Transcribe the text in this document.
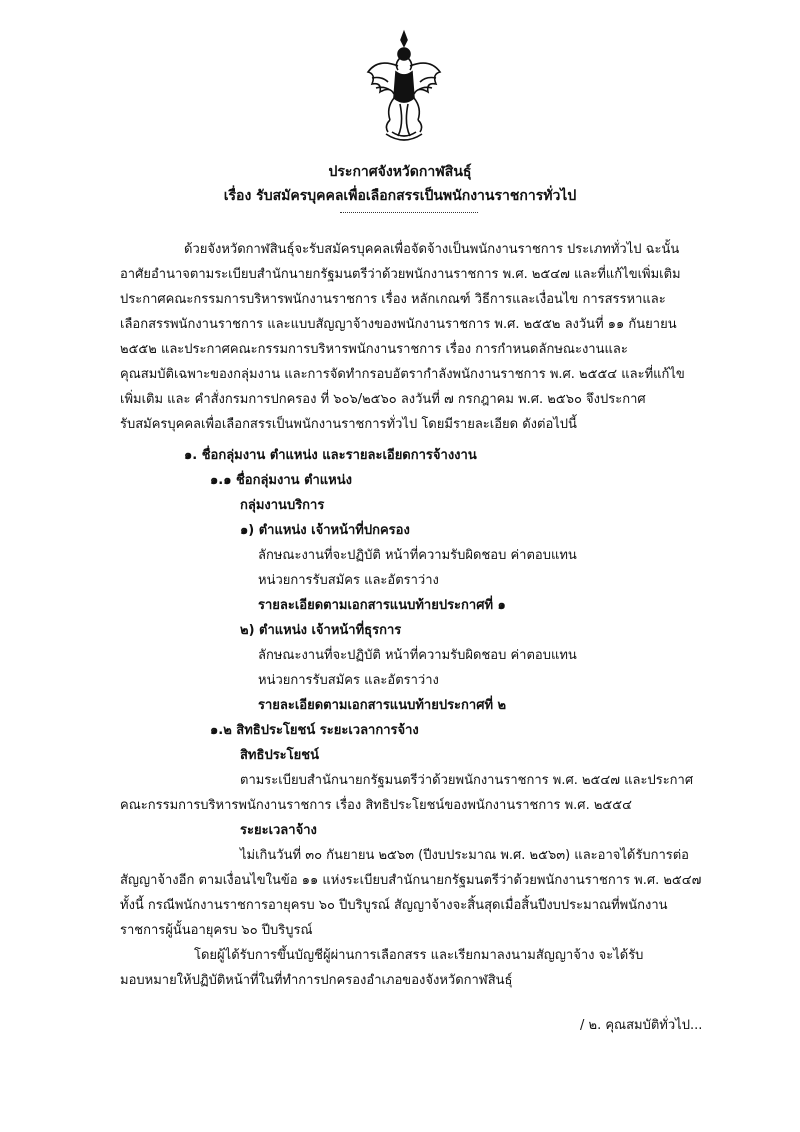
ประกาศจังหวัดกาฬสินธุ์
เรื่อง รับสมัครบุคคลเพื่อเลือกสรรเป็นพนักงานราชการทั่วไป
ด้วยจังหวัดกาฬสินธุ์จะรับสมัครบุคคลเพื่อจัดจ้างเป็นพนักงานราชการ ประเภททั่วไป ฉะนั้น
อาศัยอำนาจตามระเบียบสำนักนายกรัฐมนตรีว่าด้วยพนักงานราชการ พ.ศ. ๒๕๔๗ และที่แก้ไขเพิ่มเติม
ประกาศคณะกรรมการบริหารพนักงานราชการ เรื่อง หลักเกณฑ์ วิธีการและเงื่อนไข การสรรหาและ
เลือกสรรพนักงานราชการ และแบบสัญญาจ้างของพนักงานราชการ พ.ศ. ๒๕๕๒ ลงวันที่ ๑๑ กันยายน
๒๕๕๒ และประกาศคณะกรรมการบริหารพนักงานราชการ เรื่อง การกำหนดลักษณะงานและ
คุณสมบัติเฉพาะของกลุ่มงาน และการจัดทำกรอบอัตรากำลังพนักงานราชการ พ.ศ. ๒๕๕๔ และที่แก้ไข
เพิ่มเติม และ คำสั่งกรมการปกครอง ที่ ๖๐๖/๒๕๖๐ ลงวันที่ ๗ กรกฎาคม พ.ศ. ๒๕๖๐ จึงประกาศ
รับสมัครบุคคลเพื่อเลือกสรรเป็นพนักงานราชการทั่วไป โดยมีรายละเอียด ดังต่อไปนี้
๑. ชื่อกลุ่มงาน ตำแหน่ง และรายละเอียดการจ้างงาน
๑.๑ ชื่อกลุ่มงาน ตำแหน่ง
กลุ่มงานบริการ
๑) ตำแหน่ง เจ้าหน้าที่ปกครอง
ลักษณะงานที่จะปฏิบัติ หน้าที่ความรับผิดชอบ ค่าตอบแทน
หน่วยการรับสมัคร และอัตราว่าง
รายละเอียดตามเอกสารแนบท้ายประกาศที่ ๑
๒) ตำแหน่ง เจ้าหน้าที่ธุรการ
ลักษณะงานที่จะปฏิบัติ หน้าที่ความรับผิดชอบ ค่าตอบแทน
หน่วยการรับสมัคร และอัตราว่าง
รายละเอียดตามเอกสารแนบท้ายประกาศที่ ๒
๑.๒ สิทธิประโยชน์ ระยะเวลาการจ้าง
สิทธิประโยชน์
ตามระเบียบสำนักนายกรัฐมนตรีว่าด้วยพนักงานราชการ พ.ศ. ๒๕๔๗ และประกาศ
คณะกรรมการบริหารพนักงานราชการ เรื่อง สิทธิประโยชน์ของพนักงานราชการ พ.ศ. ๒๕๕๔
ระยะเวลาจ้าง
ไม่เกินวันที่ ๓๐ กันยายน ๒๕๖๓ (ปีงบประมาณ พ.ศ. ๒๕๖๓) และอาจได้รับการต่อ
สัญญาจ้างอีก ตามเงื่อนไขในข้อ ๑๑ แห่งระเบียบสำนักนายกรัฐมนตรีว่าด้วยพนักงานราชการ พ.ศ. ๒๕๔๗
ทั้งนี้ กรณีพนักงานราชการอายุครบ ๖๐ ปีบริบูรณ์ สัญญาจ้างจะสิ้นสุดเมื่อสิ้นปีงบประมาณที่พนักงาน
ราชการผู้นั้นอายุครบ ๖๐ ปีบริบูรณ์
โดยผู้ได้รับการขึ้นบัญชีผู้ผ่านการเลือกสรร และเรียกมาลงนามสัญญาจ้าง จะได้รับ
มอบหมายให้ปฏิบัติหน้าที่ในที่ทำการปกครองอำเภอของจังหวัดกาฬสินธุ์
/ ๒. คุณสมบัติทั่วไป...
